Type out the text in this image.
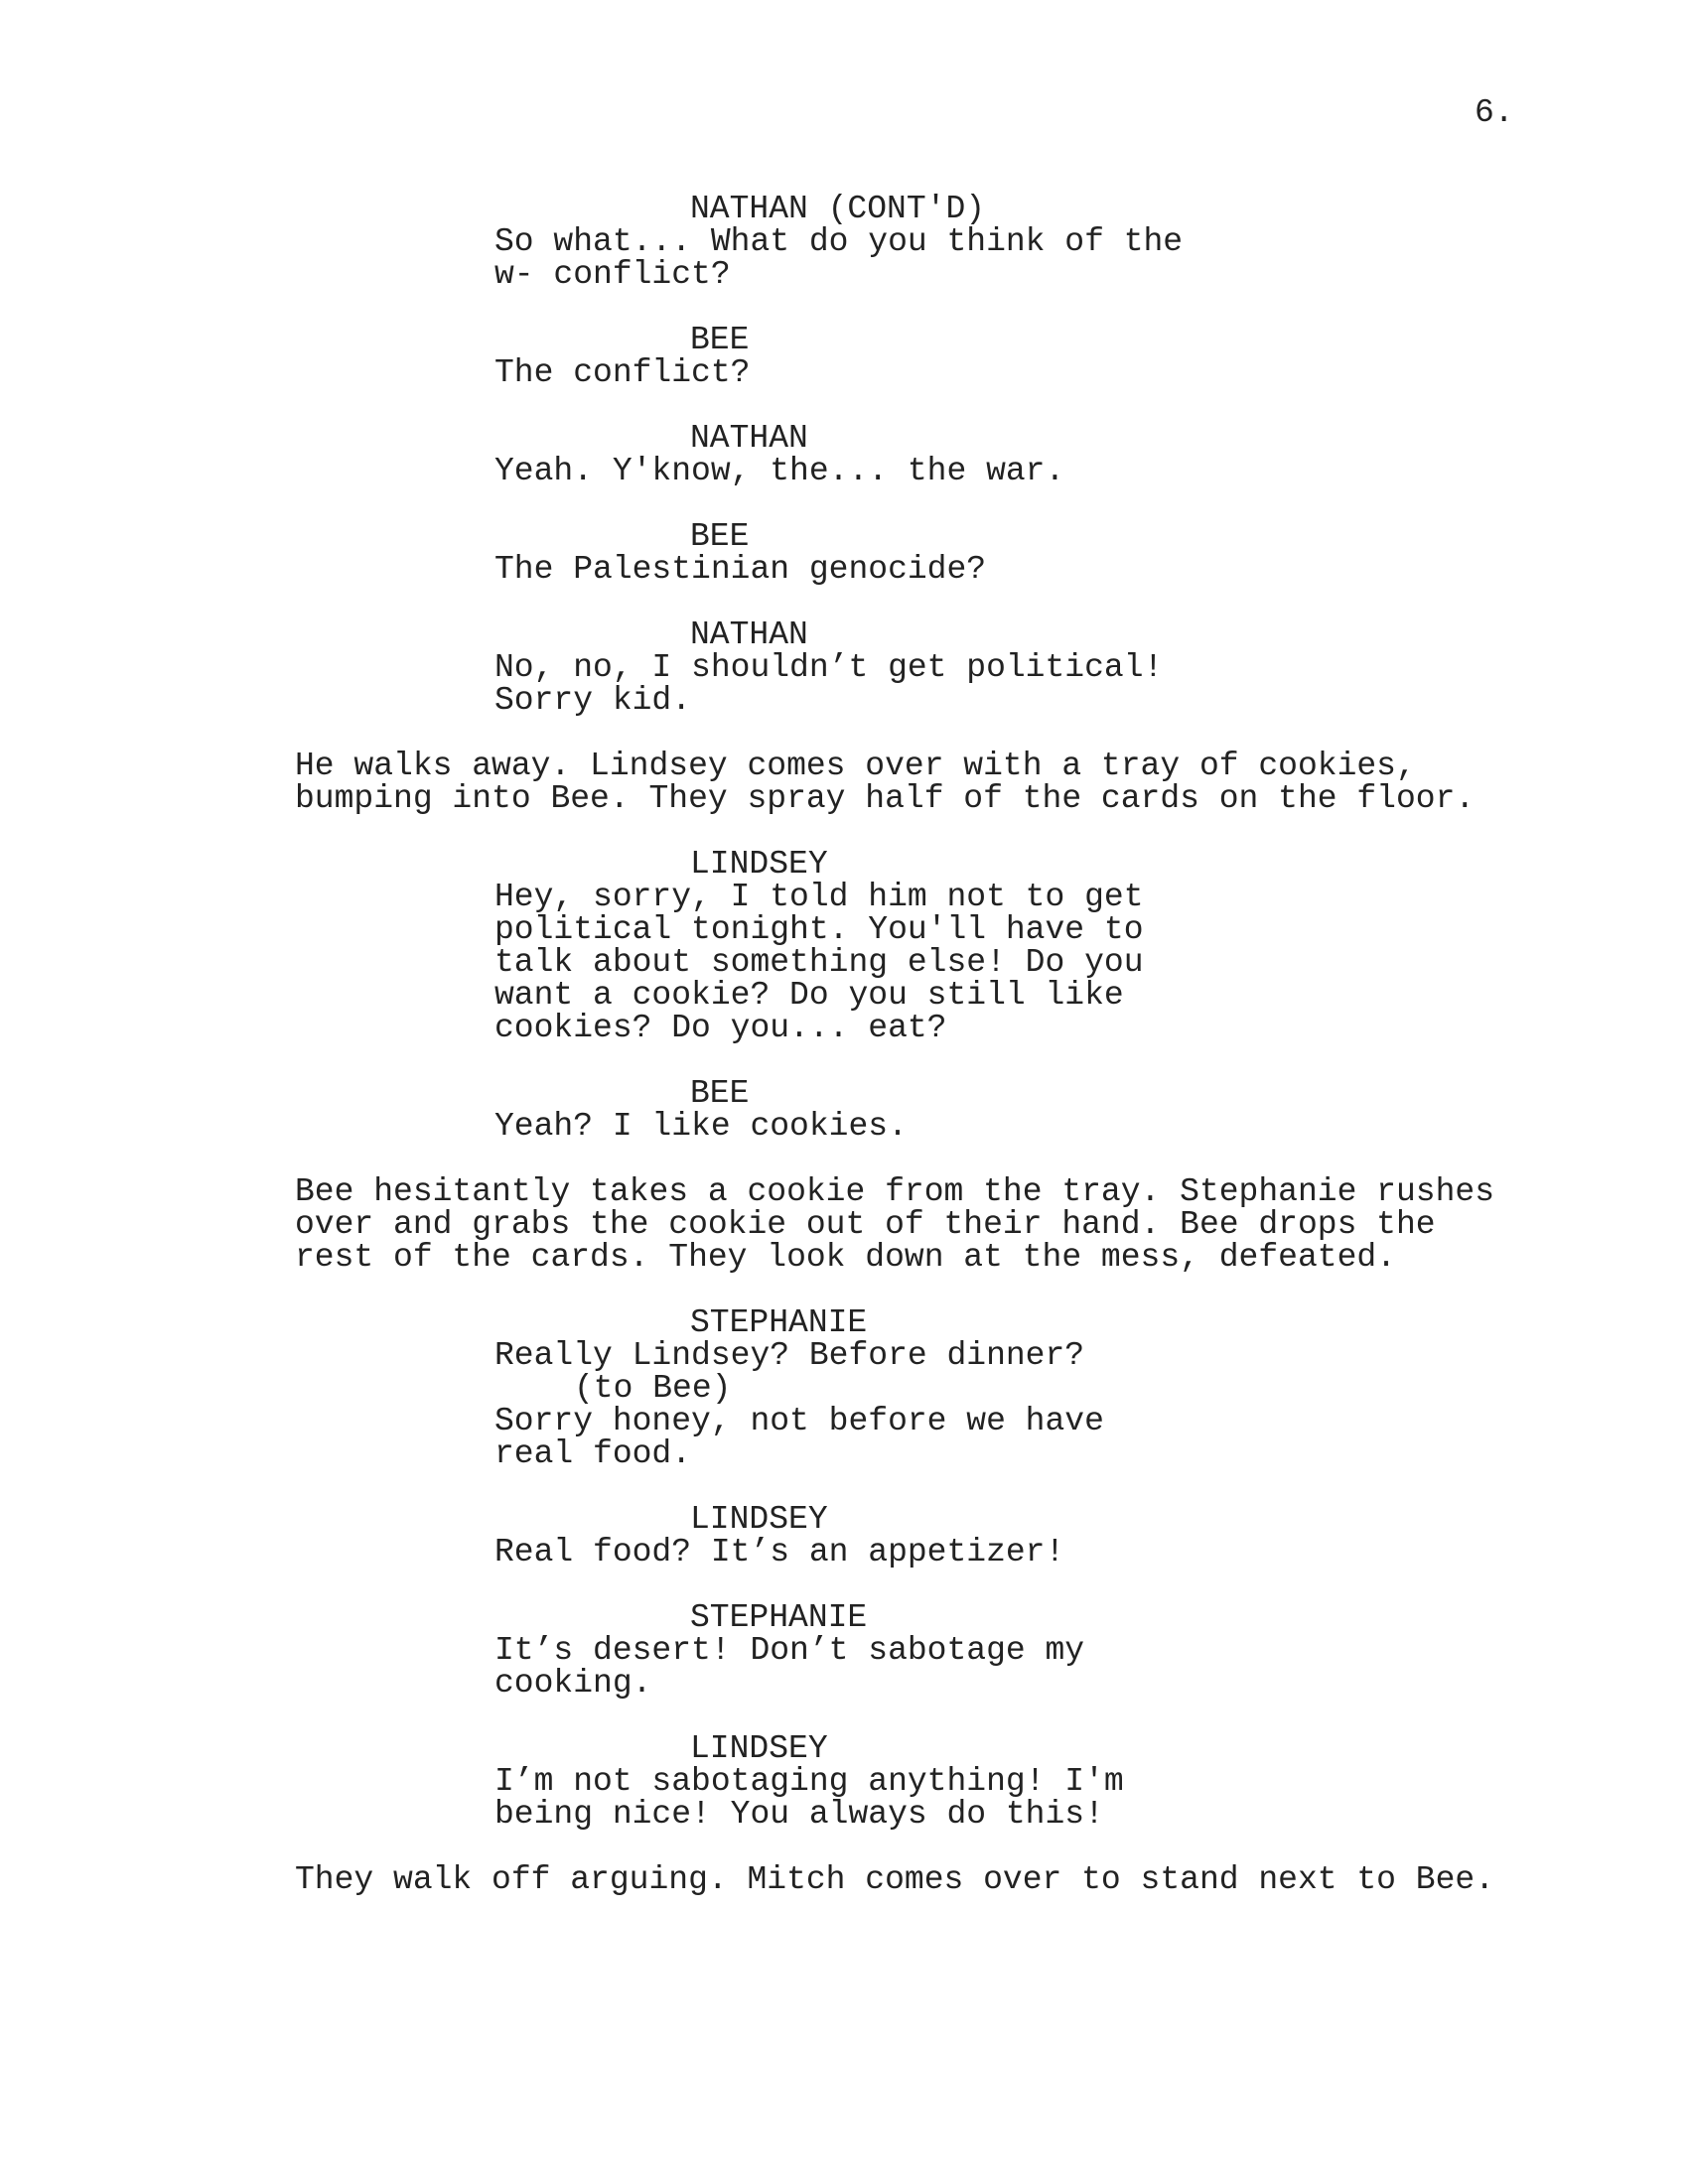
6.
NATHAN (CONT'D)
So what... What do you think of the
w- conflict?
BEE
The conflict?
NATHAN
Yeah. Y'know, the... the war.
BEE
The Palestinian genocide?
NATHAN
No, no, I shouldn’t get political!
Sorry kid.
He walks away. Lindsey comes over with a tray of cookies,
bumping into Bee. They spray half of the cards on the floor.
LINDSEY
Hey, sorry, I told him not to get
political tonight. You'll have to
talk about something else! Do you
want a cookie? Do you still like
cookies? Do you... eat?
BEE
Yeah? I like cookies.
Bee hesitantly takes a cookie from the tray. Stephanie rushes
over and grabs the cookie out of their hand. Bee drops the
rest of the cards. They look down at the mess, defeated.
STEPHANIE
Really Lindsey? Before dinner?
(to Bee)
Sorry honey, not before we have
real food.
LINDSEY
Real food? It’s an appetizer!
STEPHANIE
It’s desert! Don’t sabotage my
cooking.
LINDSEY
I’m not sabotaging anything! I'm
being nice! You always do this!
They walk off arguing. Mitch comes over to stand next to Bee.
